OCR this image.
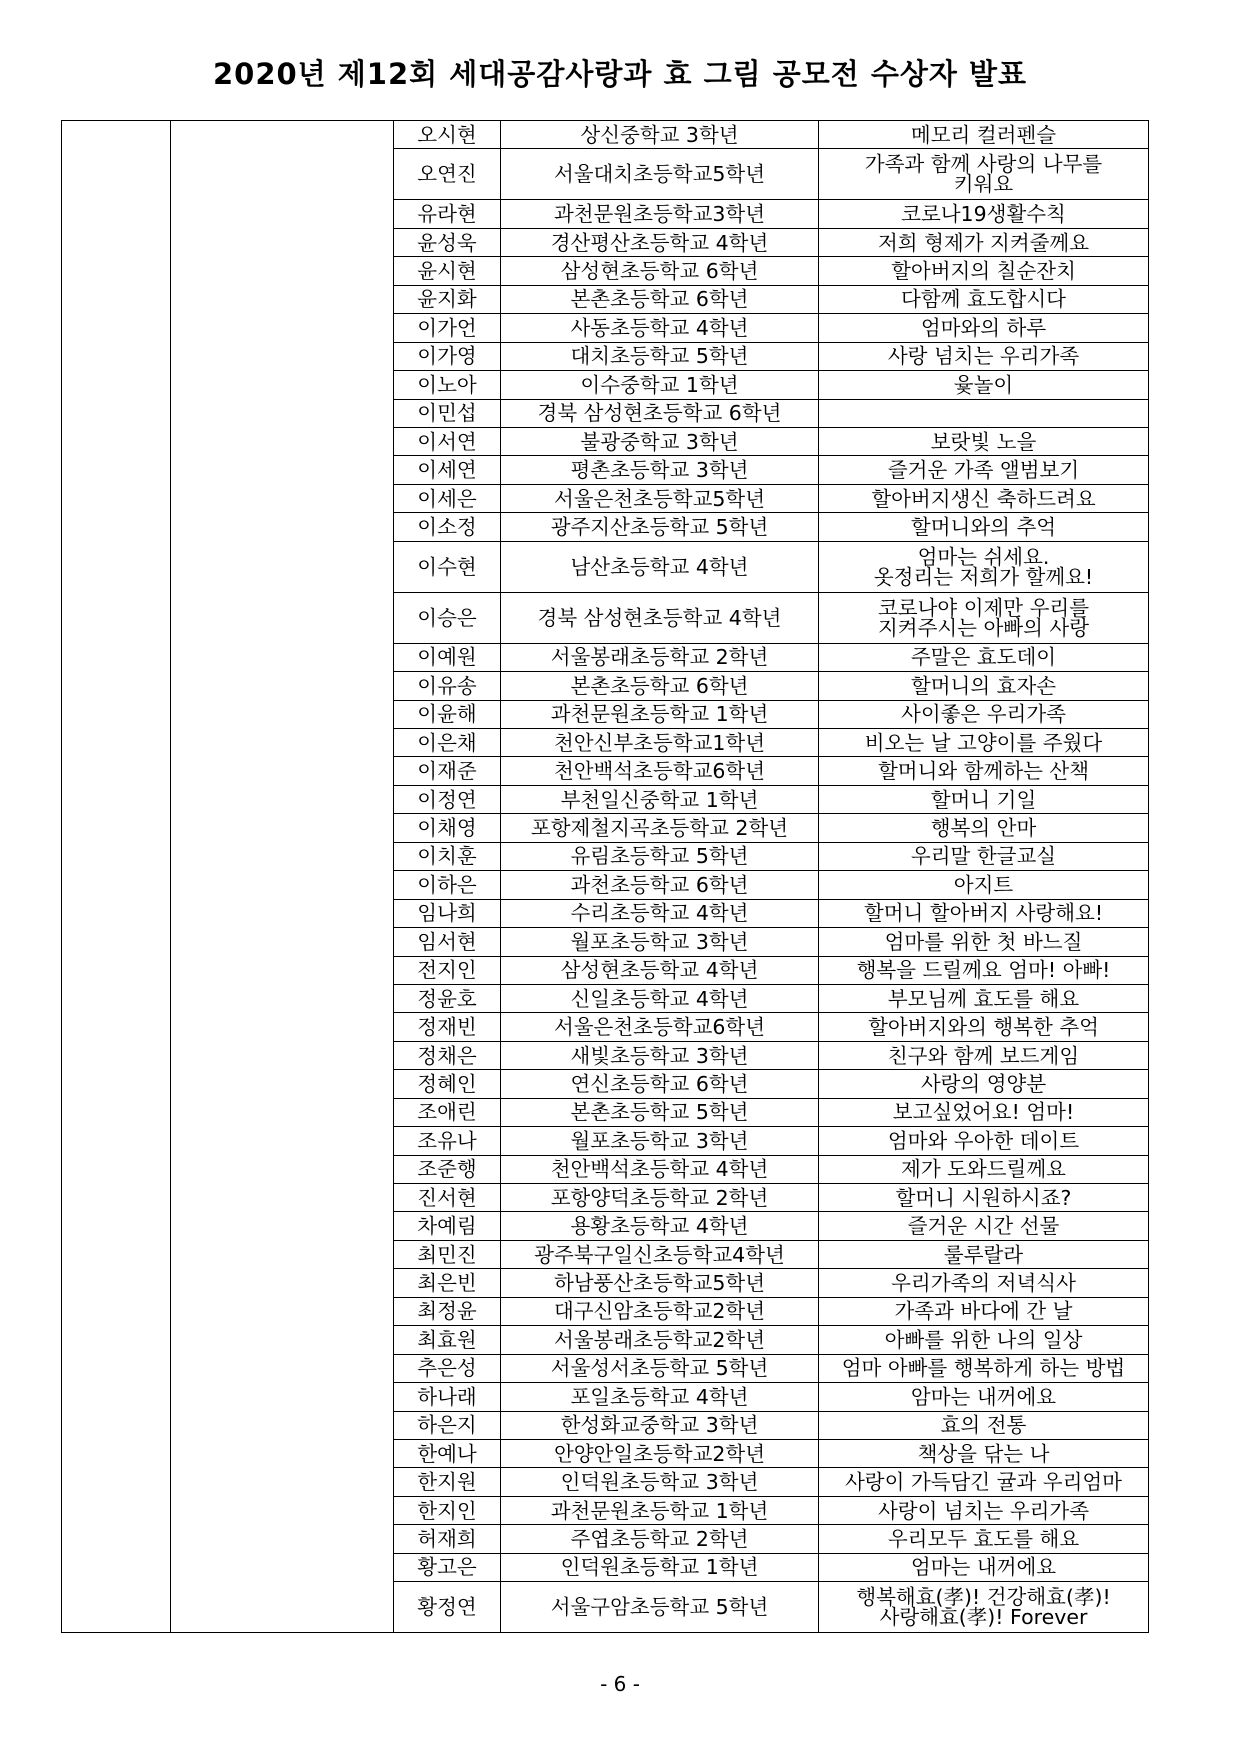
2020년 제12회 세대공감사랑과 효 그림 공모전 수상자 발표
		오시현	상신중학교 3학년	메모리 컬러펜슬
		오연진	서울대치초등학교5학년	가족과 함께 사랑의 나무를
키워요
		유라현	과천문원초등학교3학년	코로나19생활수칙
		윤성욱	경산평산초등학교 4학년	저희 형제가 지켜줄께요
		윤시현	삼성현초등학교 6학년	할아버지의 칠순잔치
		윤지화	본촌초등학교 6학년	다함께 효도합시다
		이가언	사동초등학교 4학년	엄마와의 하루
		이가영	대치초등학교 5학년	사랑 넘치는 우리가족
		이노아	이수중학교 1학년	윷놀이
		이민섭	경북 삼성현초등학교 6학년	
		이서연	불광중학교 3학년	보랏빛 노을
		이세연	평촌초등학교 3학년	즐거운 가족 앨범보기
		이세은	서울은천초등학교5학년	할아버지생신 축하드려요
		이소정	광주지산초등학교 5학년	할머니와의 추억
		이수현	남산초등학교 4학년	엄마는 쉬세요.
옷정리는 저희가 할께요!
		이승은	경북 삼성현초등학교 4학년	코로나야 이제만 우리를
지켜주시는 아빠의 사랑
		이예원	서울봉래초등학교 2학년	주말은 효도데이
		이유송	본촌초등학교 6학년	할머니의 효자손
		이윤해	과천문원초등학교 1학년	사이좋은 우리가족
		이은채	천안신부초등학교1학년	비오는 날 고양이를 주웠다
		이재준	천안백석초등학교6학년	할머니와 함께하는 산책
		이정연	부천일신중학교 1학년	할머니 기일
		이채영	포항제철지곡초등학교 2학년	행복의 안마
		이치훈	유림초등학교 5학년	우리말 한글교실
		이하은	과천초등학교 6학년	아지트
		임나희	수리초등학교 4학년	할머니 할아버지 사랑해요!
		임서현	월포초등학교 3학년	엄마를 위한 첫 바느질
		전지인	삼성현초등학교 4학년	행복을 드릴께요 엄마! 아빠!
		정윤호	신일초등학교 4학년	부모님께 효도를 해요
		정재빈	서울은천초등학교6학년	할아버지와의 행복한 추억
		정채은	새빛초등학교 3학년	친구와 함께 보드게임
		정혜인	연신초등학교 6학년	사랑의 영양분
		조애린	본촌초등학교 5학년	보고싶었어요! 엄마!
		조유나	월포초등학교 3학년	엄마와 우아한 데이트
		조준행	천안백석초등학교 4학년	제가 도와드릴께요
		진서현	포항양덕초등학교 2학년	할머니 시원하시죠?
		차예림	용황초등학교 4학년	즐거운 시간 선물
		최민진	광주북구일신초등학교4학년	룰루랄라
		최은빈	하남풍산초등학교5학년	우리가족의 저녁식사
		최정윤	대구신암초등학교2학년	가족과 바다에 간 날
		최효원	서울봉래초등학교2학년	아빠를 위한 나의 일상
		추은성	서울성서초등학교 5학년	엄마 아빠를 행복하게 하는 방법
		하나래	포일초등학교 4학년	암마는 내꺼에요
		하은지	한성화교중학교 3학년	효의 전통
		한예나	안양안일초등학교2학년	책상을 닦는 나
		한지원	인덕원초등학교 3학년	사랑이 가득담긴 귤과 우리엄마
		한지인	과천문원초등학교 1학년	사랑이 넘치는 우리가족
		허재희	주엽초등학교 2학년	우리모두 효도를 해요
		황고은	인덕원초등학교 1학년	엄마는 내꺼에요
		황정연	서울구암초등학교 5학년	행복해효(孝)! 건강해효(孝)!
사랑해효(孝)! Forever
- 6 -
